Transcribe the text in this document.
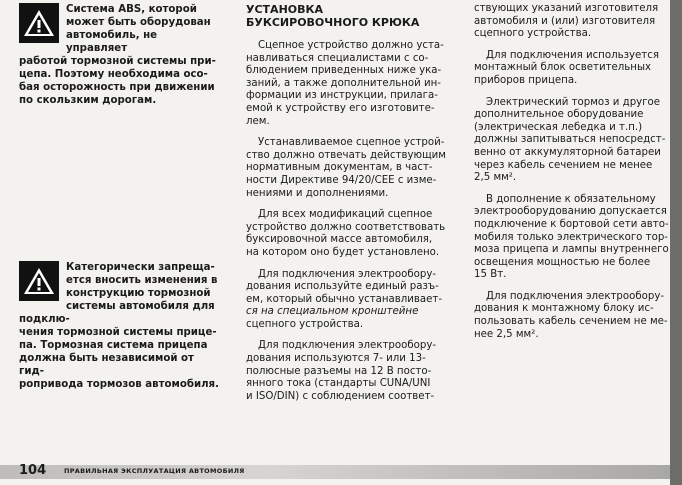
Система ABS, которой

может быть оборудован

автомобиль, не управляет

работой тормозной системы при-

цепа. Поэтому необходима осо-

бая осторожность при движении

по скользким дорогам.

Категорически запреща-

ется вносить изменения в

конструкцию тормозной

системы автомобиля для подклю-

чения тормозной системы прице-

па. Тормозная система прицепа

должна быть независимой от гид-

ропривода тормозов автомобиля.

УСТАНОВКА
БУКСИРОВОЧНОГО КРЮКА

Сцепное устройство должно уста-
навливаться специалистами с со-
блюдением приведенных ниже ука-
заний, а также дополнительной ин-
формации из инструкции, прилага-
емой к устройству его изготовите-
лем.

Устанавливаемое сцепное устрой-
ство должно отвечать действующим
нормативным документам, в част-
ности Директиве 94/20/CEE с изме-
нениями и дополнениями.

Для всех модификаций сцепное
устройство должно соответствовать
буксировочной массе автомобиля,
на котором оно будет установлено.

Для подключения электрообору-
дования используйте единый разъ-
ем, который обычно устанавливает-
ся на специальном кронштейне
сцепного устройства.

Для подключения электрообору-
дования используются 7- или 13-
полюсные разъемы на 12 В посто-
янного тока (стандарты CUNA/UNI
и ISO/DIN) с соблюдением соответ-

ствующих указаний изготовителя
автомобиля и (или) изготовителя
сцепного устройства.

Для подключения используется
монтажный блок осветительных
приборов прицепа.

Электрический тормоз и другое
дополнительное оборудование
(электрическая лебедка и т.п.)
должны запитываться непосредст-
венно от аккумуляторной батареи
через кабель сечением не менее
2,5 мм².

В дополнение к обязательному
электрооборудованию допускается
подключение к бортовой сети авто-
мобиля только электрического тор-
моза прицепа и лампы внутреннего
освещения мощностью не более
15 Вт.

Для подключения электрообору-
дования к монтажному блоку ис-
пользовать кабель сечением не ме-
нее 2,5 мм².

104	ПРАВИЛЬНАЯ ЭКСПЛУАТАЦИЯ АВТОМОБИЛЯ
